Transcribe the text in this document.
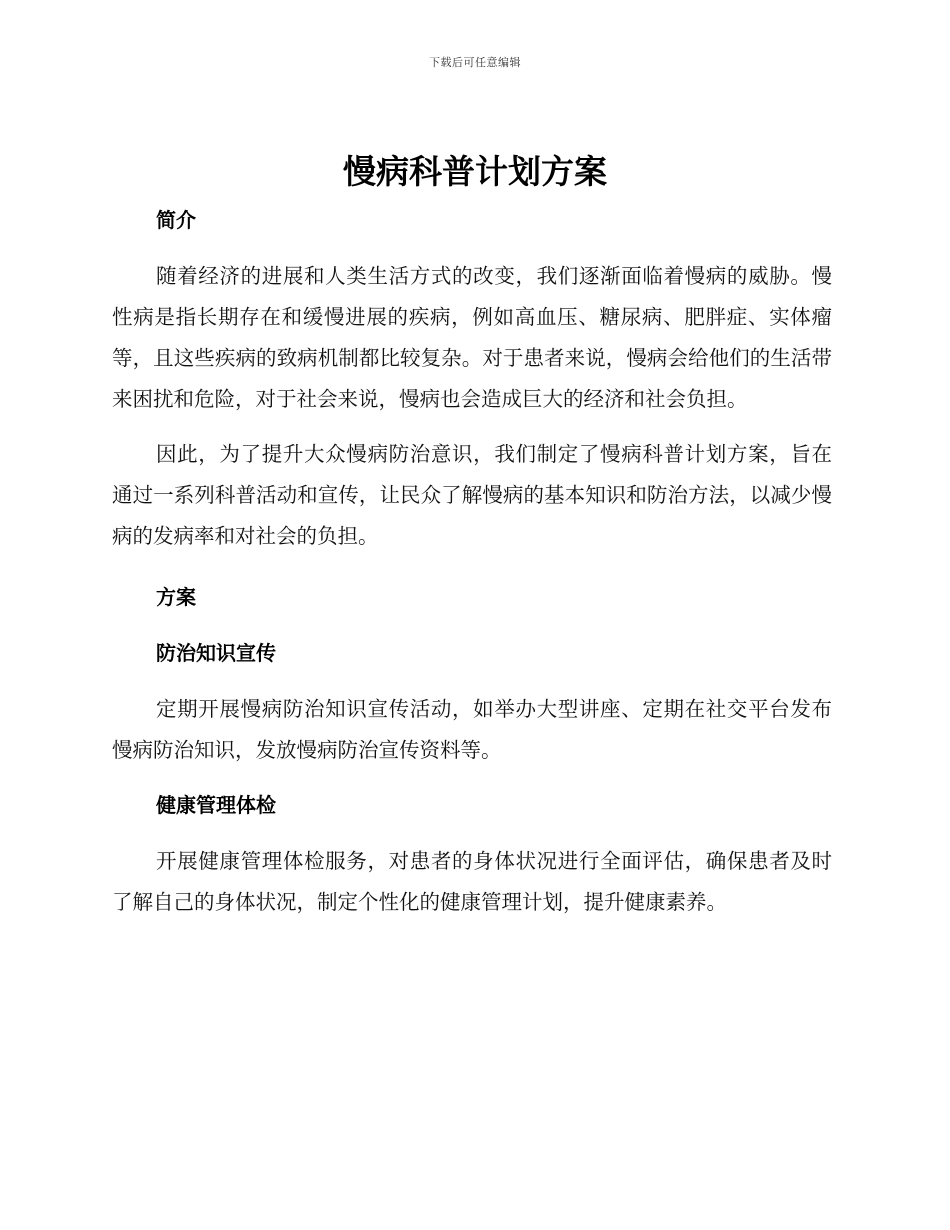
下载后可任意编辑
慢病科普计划方案
简介

随着经济的进展和人类生活方式的改变，我们逐渐面临着慢病的威胁。慢性病是指长期存在和缓慢进展的疾病，例如高血压、糖尿病、肥胖症、实体瘤等，且这些疾病的致病机制都比较复杂。对于患者来说，慢病会给他们的生活带来困扰和危险，对于社会来说，慢病也会造成巨大的经济和社会负担。

因此，为了提升大众慢病防治意识，我们制定了慢病科普计划方案，旨在通过一系列科普活动和宣传，让民众了解慢病的基本知识和防治方法，以减少慢病的发病率和对社会的负担。

方案
防治知识宣传

定期开展慢病防治知识宣传活动，如举办大型讲座、定期在社交平台发布慢病防治知识，发放慢病防治宣传资料等。

健康管理体检

开展健康管理体检服务，对患者的身体状况进行全面评估，确保患者及时了解自己的身体状况，制定个性化的健康管理计划，提升健康素养。
